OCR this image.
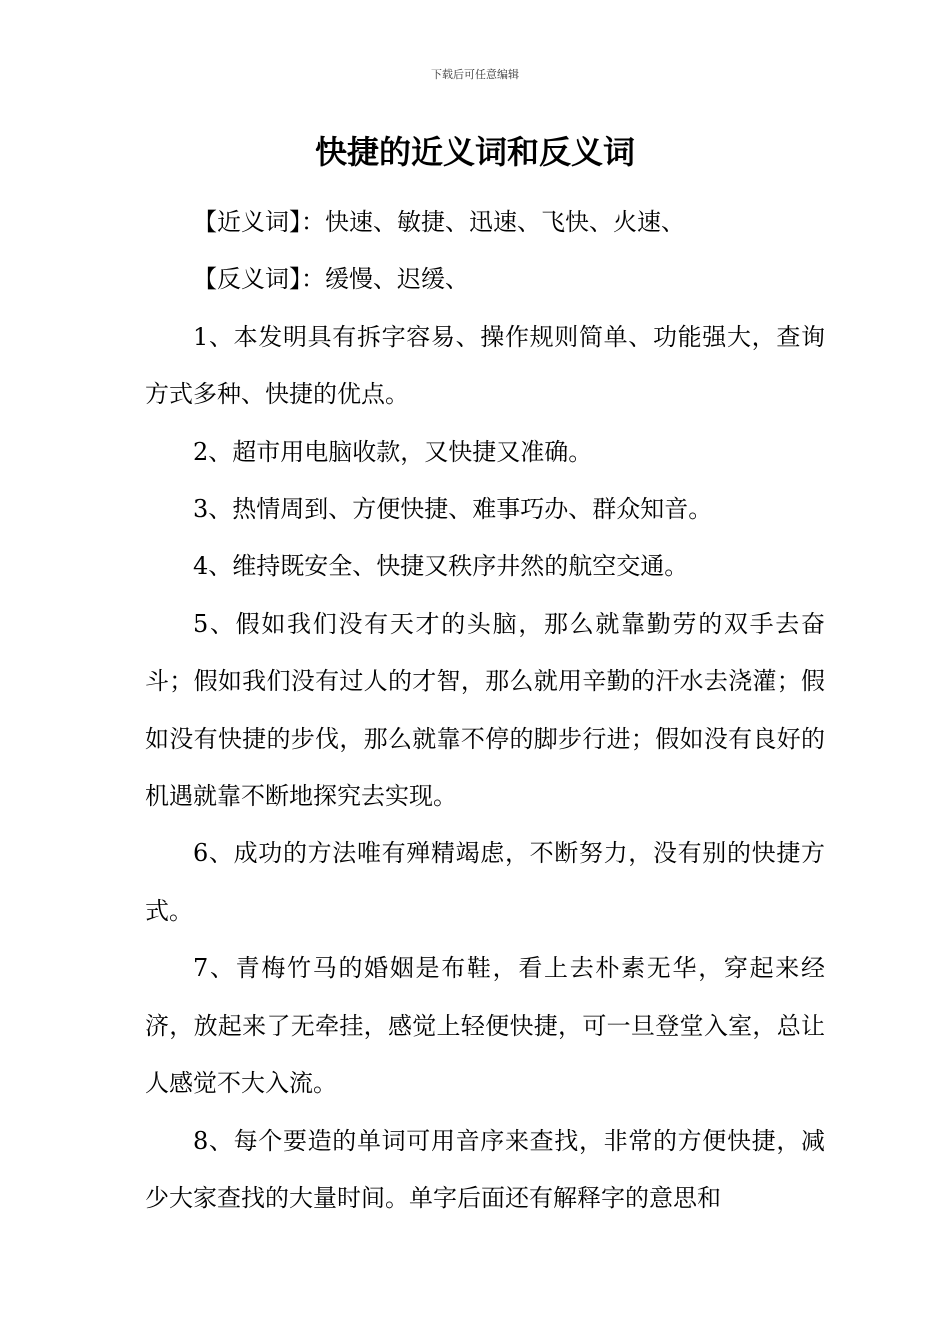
下载后可任意编辑
快捷的近义词和反义词

【近义词】：快速、敏捷、迅速、飞快、火速、

【反义词】：缓慢、迟缓、

1、本发明具有拆字容易、操作规则简单、功能强大，查询方式多种、快捷的优点。

2、超市用电脑收款，又快捷又准确。

3、热情周到、方便快捷、难事巧办、群众知音。

4、维持既安全、快捷又秩序井然的航空交通。

5、假如我们没有天才的头脑，那么就靠勤劳的双手去奋斗；假如我们没有过人的才智，那么就用辛勤的汗水去浇灌；假如没有快捷的步伐，那么就靠不停的脚步行进；假如没有良好的机遇就靠不断地探究去实现。

6、成功的方法唯有殚精竭虑，不断努力，没有别的快捷方式。

7、青梅竹马的婚姻是布鞋，看上去朴素无华，穿起来经济，放起来了无牵挂，感觉上轻便快捷，可一旦登堂入室，总让人感觉不大入流。

8、每个要造的单词可用音序来查找，非常的方便快捷，减少大家查找的大量时间。单字后面还有解释字的意思和
